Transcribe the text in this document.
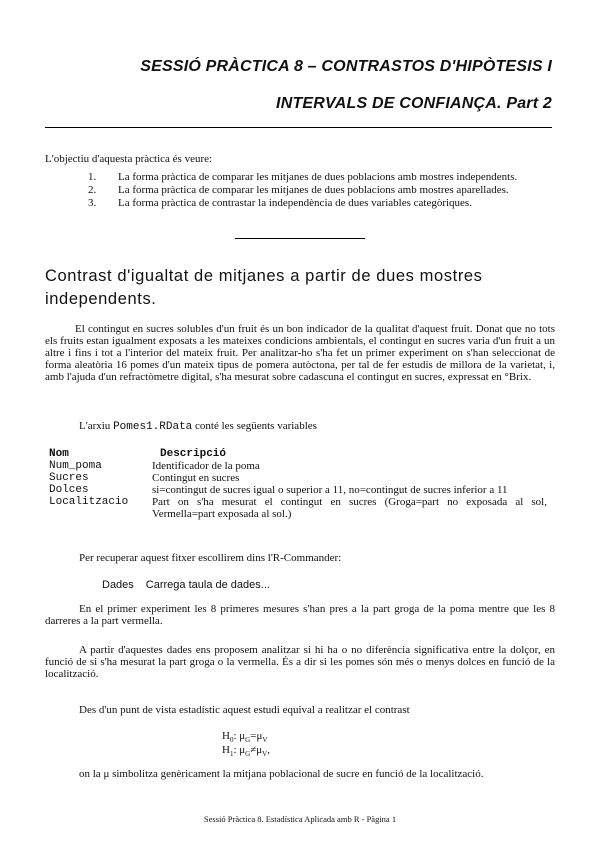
SESSIÓ PRÀCTICA 8 – CONTRASTOS D'HIPÒTESIS I
INTERVALS DE CONFIANÇA. Part 2
L'objectiu d'aquesta pràctica és veure:
1. La forma pràctica de comparar les mitjanes de dues poblacions amb mostres independents.
2. La forma pràctica de comparar les mitjanes de dues poblacions amb mostres aparellades.
3. La forma pràctica de contrastar la independència de dues variables categòriques.
Contrast d'igualtat de mitjanes a partir de dues mostres independents.
El contingut en sucres solubles d'un fruit és un bon indicador de la qualitat d'aquest fruit. Donat que no tots els fruits estan igualment exposats a les mateixes condicions ambientals, el contingut en sucres varia d'un fruit a un altre i fins i tot a l'interior del mateix fruit. Per analitzar-ho s'ha fet un primer experiment on s'han seleccionat de forma aleatòria 16 pomes d'un mateix tipus de pomera autòctona, per tal de fer estudis de millora de la varietat, i, amb l'ajuda d'un refractòmetre digital, s'ha mesurat sobre cadascuna el contingut en sucres, expressat en °Brix.
L'arxiu Pomes1.RData conté les següents variables
Nom	Descripció
Num_poma	Identificador de la poma
Sucres	Contingut en sucres
Dolces	si=contingut de sucres igual o superior a 11, no=contingut de sucres inferior a 11
Localitzacio	Part on s'ha mesurat el contingut en sucres (Groga=part no exposada al sol, Vermella=part exposada al sol.)
Per recuperar aquest fitxer escollirem dins l'R-Commander:
Dades Carrega taula de dades...
En el primer experiment les 8 primeres mesures s'han pres a la part groga de la poma mentre que les 8 darreres a la part vermella.
A partir d'aquestes dades ens proposem analitzar si hi ha o no diferència significativa entre la dolçor, en funció de si s'ha mesurat la part groga o la vermella. És a dir si les pomes són més o menys dolces en funció de la localització.
Des d'un punt de vista estadístic aquest estudi equival a realitzar el contrast
$H_0$: $\mu_G=\mu_V$
$H_1$: $\mu_G\ne\mu_V$,
on la μ simbolitza genèricament la mitjana poblacional de sucre en funció de la localització.
Sessió Pràctica 8. Estadística Aplicada amb R - Pàgina 1
